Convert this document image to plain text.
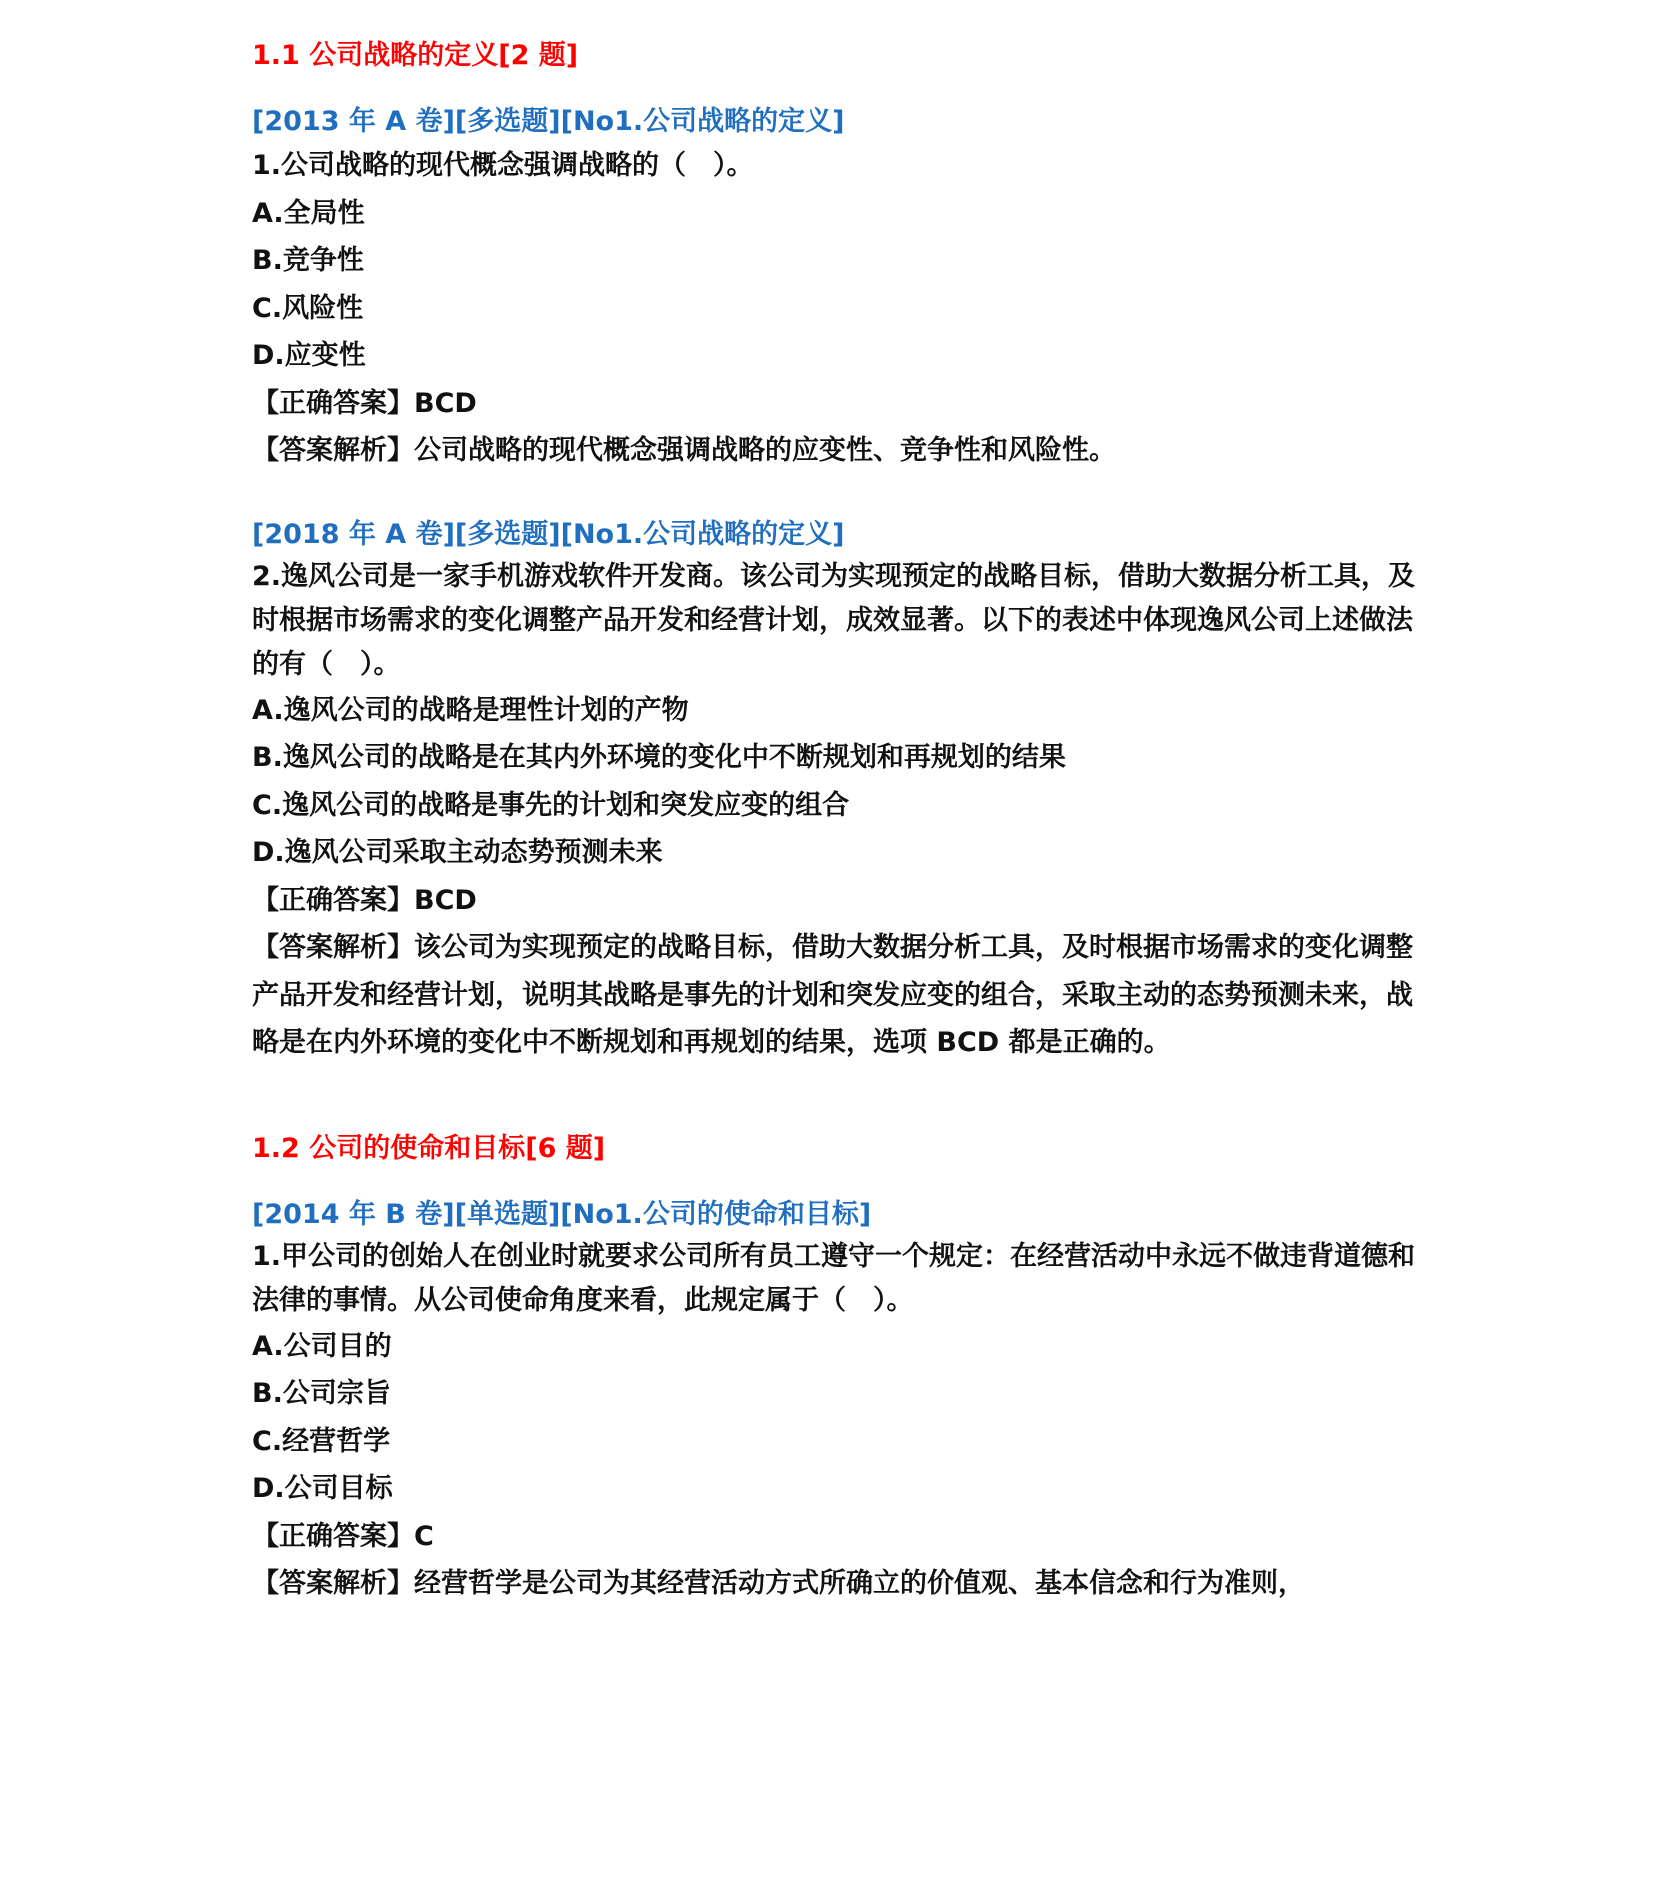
1.1 公司战略的定义[2 题]
[2013 年 A 卷][多选题][No1.公司战略的定义]
1.公司战略的现代概念强调战略的（　）。
A.全局性
B.竞争性
C.风险性
D.应变性
【正确答案】BCD
【答案解析】公司战略的现代概念强调战略的应变性、竞争性和风险性。
[2018 年 A 卷][多选题][No1.公司战略的定义]
2.逸风公司是一家手机游戏软件开发商。该公司为实现预定的战略目标，借助大数据分析工具，及时根据市场需求的变化调整产品开发和经营计划，成效显著。以下的表述中体现逸风公司上述做法的有（　）。
A.逸风公司的战略是理性计划的产物
B.逸风公司的战略是在其内外环境的变化中不断规划和再规划的结果
C.逸风公司的战略是事先的计划和突发应变的组合
D.逸风公司采取主动态势预测未来
【正确答案】BCD
【答案解析】该公司为实现预定的战略目标，借助大数据分析工具，及时根据市场需求的变化调整产品开发和经营计划，说明其战略是事先的计划和突发应变的组合，采取主动的态势预测未来，战略是在内外环境的变化中不断规划和再规划的结果，选项 BCD 都是正确的。
1.2 公司的使命和目标[6 题]
[2014 年 B 卷][单选题][No1.公司的使命和目标]
1.甲公司的创始人在创业时就要求公司所有员工遵守一个规定：在经营活动中永远不做违背道德和法律的事情。从公司使命角度来看，此规定属于（　）。
A.公司目的
B.公司宗旨
C.经营哲学
D.公司目标
【正确答案】C
【答案解析】经营哲学是公司为其经营活动方式所确立的价值观、基本信念和行为准则，
